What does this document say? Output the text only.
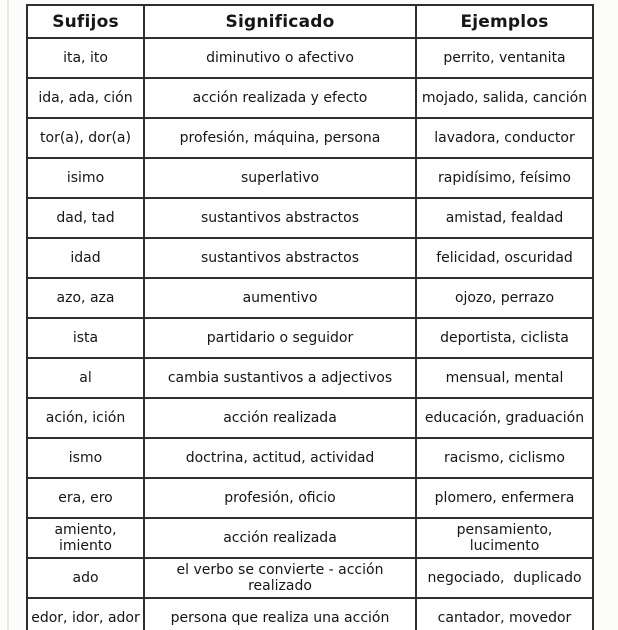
Sufijos	Significado	Ejemplos
ita, ito	diminutivo o afectivo	perrito, ventanita
ida, ada, ción	acción realizada y efecto	mojado, salida, canción
tor(a), dor(a)	profesión, máquina, persona	lavadora, conductor
isimo	superlativo	rapidísimo, feísimo
dad, tad	sustantivos abstractos	amistad, fealdad
idad	sustantivos abstractos	felicidad, oscuridad
azo, aza	aumentivo	ojozo, perrazo
ista	partidario o seguidor	deportista, ciclista
al	cambia sustantivos a adjectivos	mensual, mental
ación, ición	acción realizada	educación, graduación
ismo	doctrina, actitud, actividad	racismo, ciclismo
era, ero	profesión, oficio	plomero, enfermera
amiento, imiento	acción realizada	pensamiento, lucimento
ado	el verbo se convierte - acción realizado	negociado,  duplicado
edor, idor, ador	persona que realiza una acción	cantador, movedor
